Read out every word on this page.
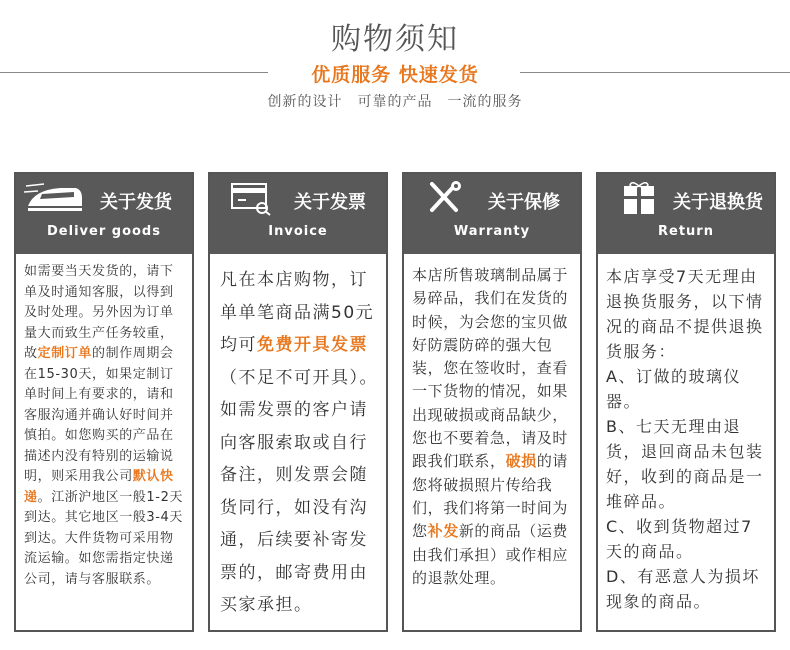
购物须知
优质服务 快速发货
创新的设计　可靠的产品　一流的服务
关于发货
Deliver goods
如需要当天发货的，请下单及时通知客服，以得到及时处理。另外因为订单量大而致生产任务较重，故定制订单的制作周期会在15-30天，如果定制订单时间上有要求的，请和客服沟通并确认好时间并慎拍。如您购买的产品在描述内没有特别的运输说明，则采用我公司默认快递。江浙沪地区一般1-2天到达。其它地区一般3-4天到达。大件货物可采用物流运输。如您需指定快递公司，请与客服联系。
关于发票
Invoice
凡在本店购物，订单单笔商品满50元均可免费开具发票（不足不可开具）。如需发票的客户请向客服索取或自行备注，则发票会随货同行，如没有沟通，后续要补寄发票的，邮寄费用由买家承担。
关于保修
Warranty
本店所售玻璃制品属于易碎品，我们在发货的时候，为会您的宝贝做好防震防碎的强大包装，您在签收时，查看一下货物的情况，如果出现破损或商品缺少，您也不要着急，请及时跟我们联系，破损的请您将破损照片传给我们，我们将第一时间为您补发新的商品（运费由我们承担）或作相应的退款处理。
关于退换货
Return
本店享受7天无理由退换货服务，以下情况的商品不提供退换货服务：
A、订做的玻璃仪器。
B、七天无理由退货，退回商品未包装好，收到的商品是一堆碎品。
C、收到货物超过7天的商品。
D、有恶意人为损坏现象的商品。
